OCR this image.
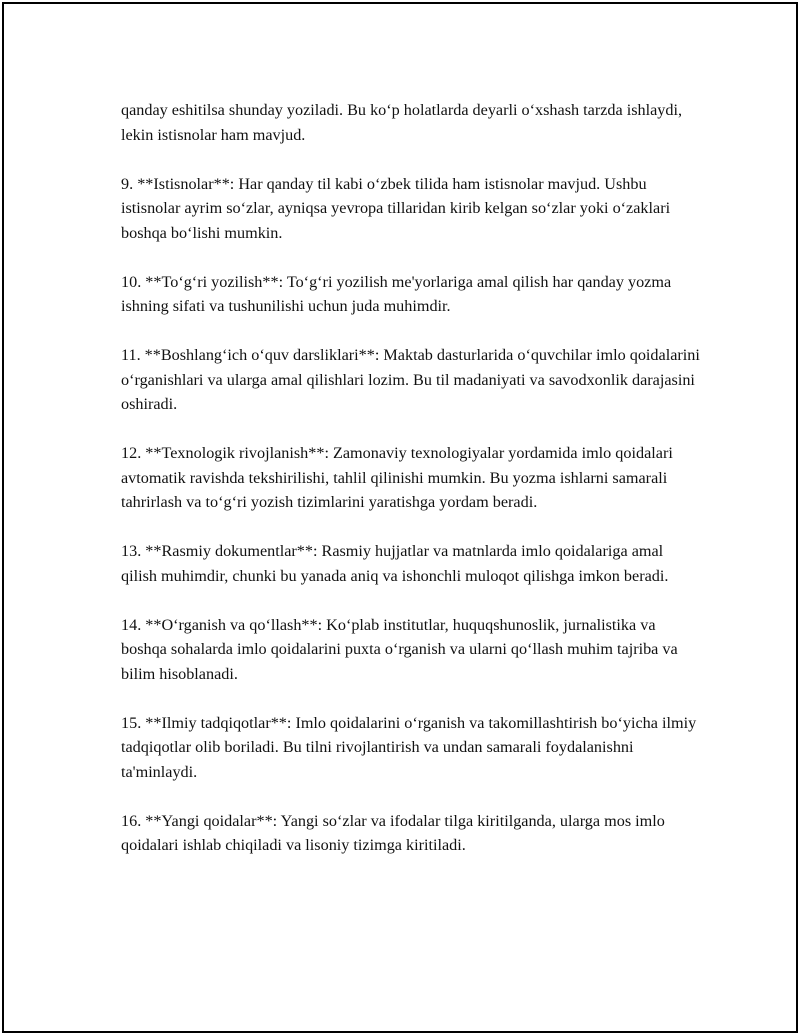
qanday eshitilsa shunday yoziladi. Bu ko‘p holatlarda deyarli o‘xshash tarzda ishlaydi, lekin istisnolar ham mavjud.

9. **Istisnolar**: Har qanday til kabi o‘zbek tilida ham istisnolar mavjud. Ushbu istisnolar ayrim so‘zlar, ayniqsa yevropa tillaridan kirib kelgan so‘zlar yoki o‘zaklari boshqa bo‘lishi mumkin.

10. **To‘g‘ri yozilish**: To‘g‘ri yozilish me'yorlariga amal qilish har qanday yozma ishning sifati va tushunilishi uchun juda muhimdir.

11. **Boshlang‘ich o‘quv darsliklari**: Maktab dasturlarida o‘quvchilar imlo qoidalarini o‘rganishlari va ularga amal qilishlari lozim. Bu til madaniyati va savodxonlik darajasini oshiradi.

12. **Texnologik rivojlanish**: Zamonaviy texnologiyalar yordamida imlo qoidalari avtomatik ravishda tekshirilishi, tahlil qilinishi mumkin. Bu yozma ishlarni samarali tahrirlash va to‘g‘ri yozish tizimlarini yaratishga yordam beradi.

13. **Rasmiy dokumentlar**: Rasmiy hujjatlar va matnlarda imlo qoidalariga amal qilish muhimdir, chunki bu yanada aniq va ishonchli muloqot qilishga imkon beradi.

14. **O‘rganish va qo‘llash**: Ko‘plab institutlar, huquqshunoslik, jurnalistika va boshqa sohalarda imlo qoidalarini puxta o‘rganish va ularni qo‘llash muhim tajriba va bilim hisoblanadi.

15. **Ilmiy tadqiqotlar**: Imlo qoidalarini o‘rganish va takomillashtirish bo‘yicha ilmiy tadqiqotlar olib boriladi. Bu tilni rivojlantirish va undan samarali foydalanishni ta'minlaydi.

16. **Yangi qoidalar**: Yangi so‘zlar va ifodalar tilga kiritilganda, ularga mos imlo qoidalari ishlab chiqiladi va lisoniy tizimga kiritiladi.
